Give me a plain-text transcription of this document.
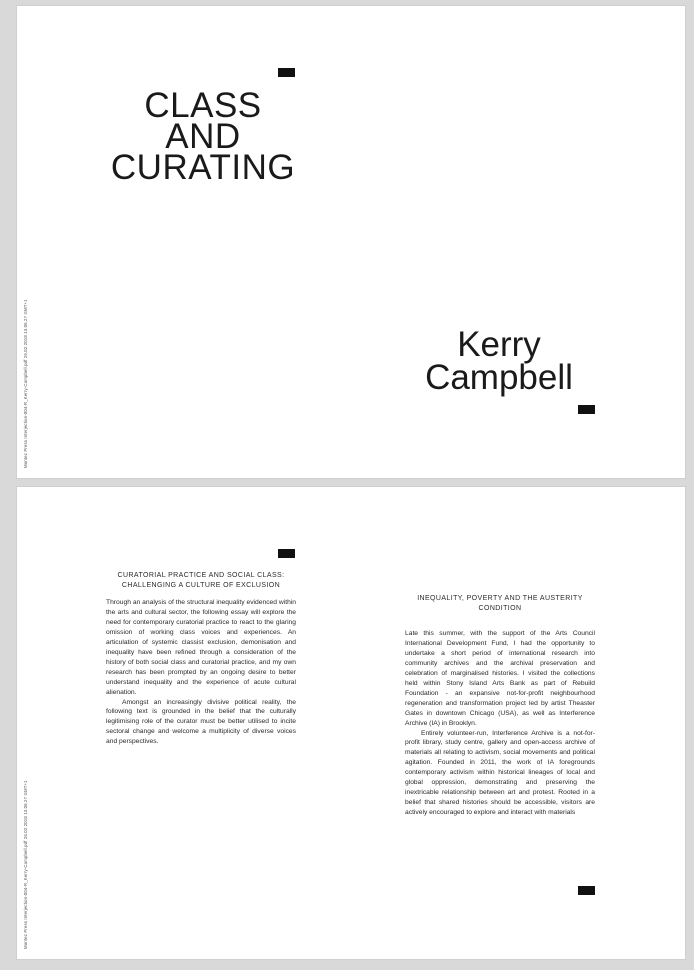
CLASS
AND
CURATING
Kerry
Campbell
Montez Press Interjection-004-R_Kerry-Campbell.pdf 26.02.2018 13.06.27 GMT+1
CURATORIAL PRACTICE AND SOCIAL CLASS: CHALLENGING A CULTURE OF EXCLUSION

Through an analysis of the structural inequality evidenced within the arts and cultural sector, the following essay will explore the need for contemporary curatorial practice to react to the glaring omission of working class voices and experiences. An articulation of systemic classist exclusion, demonisation and inequality have been refined through a consideration of the history of both social class and curatorial practice, and my own research has been prompted by an ongoing desire to better understand inequality and the experience of acute cultural alienation.

Amongst an increasingly divisive political reality, the following text is grounded in the belief that the culturally legitimising role of the curator must be better utilised to incite sectoral change and welcome a multiplicity of diverse voices and perspectives.

INEQUALITY, POVERTY AND THE AUSTERITY CONDITION

Late this summer, with the support of the Arts Council International Development Fund, I had the opportunity to undertake a short period of international research into community archives and the archival preservation and celebration of marginalised histories. I visited the collections held within Stony Island Arts Bank as part of Rebuild Foundation - an expansive not-for-profit neighbourhood regeneration and transformation project led by artist Theaster Gates in downtown Chicago (USA), as well as Interference Archive (IA) in Brooklyn.

Entirely volunteer-run, Interference Archive is a not-for-profit library, study centre, gallery and open-access archive of materials all relating to activism, social movements and political agitation. Founded in 2011, the work of IA foregrounds contemporary activism within historical lineages of local and global oppression, demonstrating and preserving the inextricable relationship between art and protest. Rooted in a belief that shared histories should be accessible, visitors are actively encouraged to explore and interact with materials

Montez Press Interjection-004-R_Kerry-Campbell.pdf 26.02.2018 13.06.27 GMT+1
